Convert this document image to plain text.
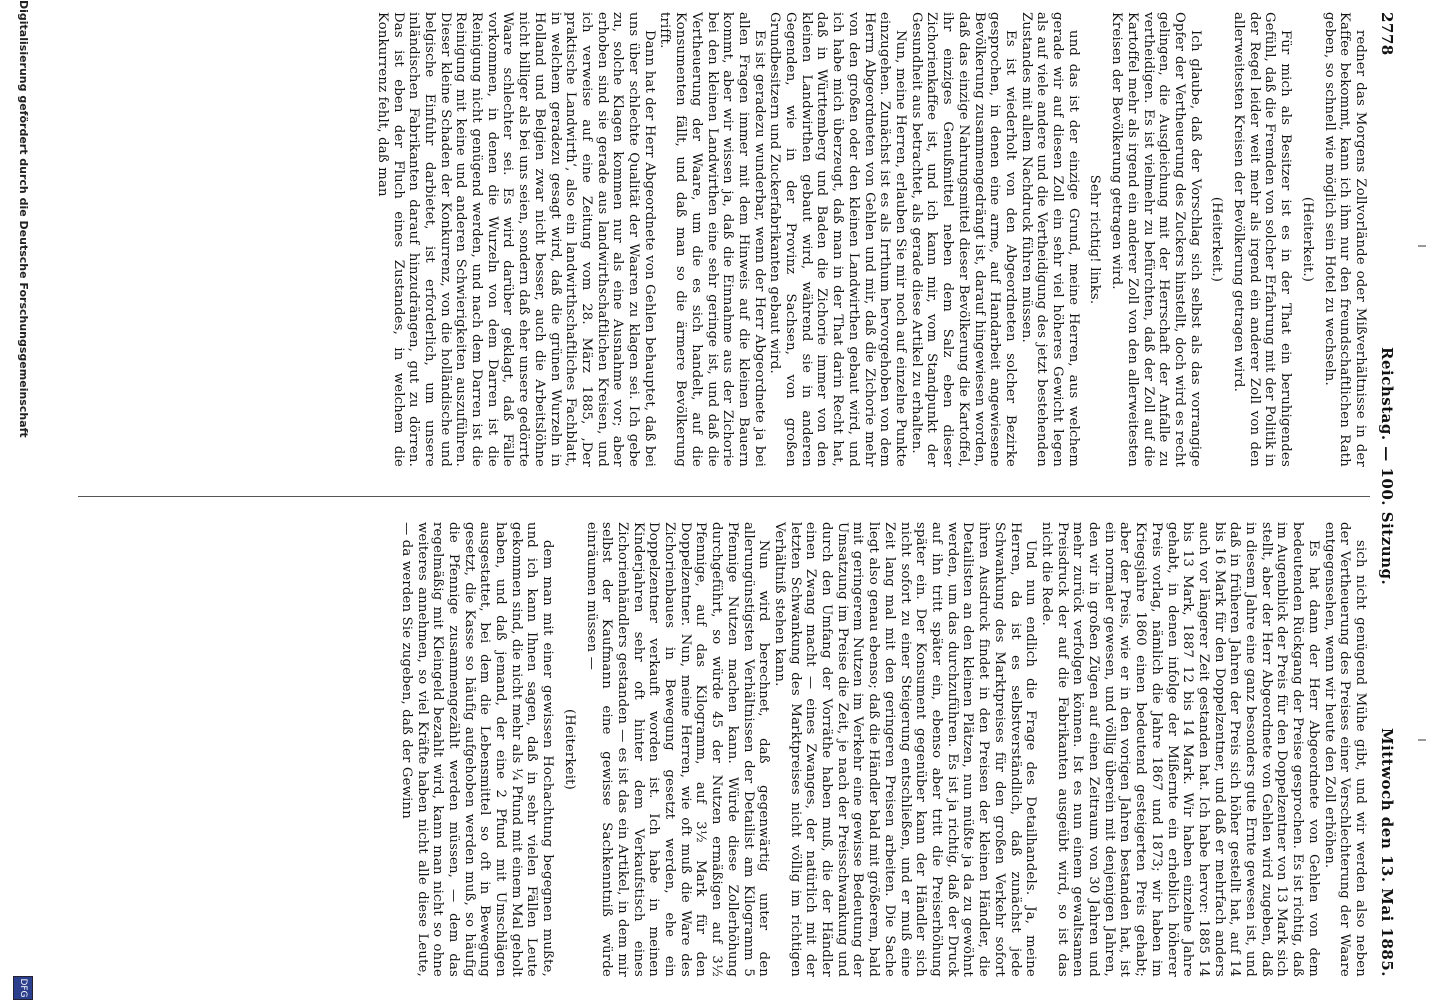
2778
Reichstag. — 100. Sitzung.
Mittwoch den 13. Mai 1885.

redner das Morgens Zollvorlände oder Mißverhältnisse in der Kaffee bekommt, kann ich ihm nur den freundschaftlichen Rath geben, so schnell wie möglich sein Hotel zu wechseln.

(Heiterkeit.)

Für mich als Besitzer ist es in der That ein beruhigendes Gefühl, daß die Fremden von solcher Erfahrung mit der Politik in der Regel leider weit mehr als irgend ein anderer Zoll von den allerweitesten Kreisen der Bevölkerung getragen wird.

(Heiterkeit.)

Ich glaube, daß der Vorschlag sich selbst als das vorrangige Opfer der Vertheuerung des Zuckers hinstellt, doch wird es recht gelingen, die Ausgleichung mit der Herrschaft der Anfalle zu vertheidigen. Es ist vielmehr zu befürchten, daß der Zoll auf die Kartoffel mehr als irgend ein anderer Zoll von den allerweitesten Kreisen der Bevölkerung getragen wird.

Sehr richtig! links.

und das ist der einzige Grund, meine Herren, aus welchem gerade wir auf diesen Zoll ein sehr viel höheres Gewicht legen als auf viele andere und die Vertheidigung des jetzt bestehenden Zustandes mit allem Nachdruck führen müssen.

Es ist wiederholt von den Abgeordneten solcher Bezirke gesprochen, in denen eine arme, auf Handarbeit angewiesene Bevölkerung zusammengedrängt ist, darauf hingewiesen worden, daß das einzige Nahrungsmittel dieser Bevölkerung die Kartoffel, ihr einziges Genußmittel neben dem Salz eben dieser Zichorienkaffee ist, und ich kann mir, vom Standpunkt der Gesundheit aus betrachtet, als gerade diese Artikel zu erhalten.

Nun, meine Herren, erlauben Sie mir noch auf einzelne Punkte einzugehen. Zunächst ist es als Irrthum hervorgehoben von dem Herrn Abgeordneten von Gehlen und mir, daß die Zichorie mehr von den großen oder den kleinen Landwirthen gebaut wird, und ich habe mich überzeugt, daß man in der That darin Recht hat, daß in Württemberg und Baden die Zichorie immer von den kleinen Landwirthen gebaut wird, während sie in anderen Gegenden, wie in der Provinz Sachsen, von großen Grundbesitzern und Zuckerfabrikanten gebaut wird.

Es ist geradezu wunderbar, wenn der Herr Abgeordnete ja bei allen Fragen immer mit dem Hinweis auf die kleinen Bauern kommt, aber wir wissen ja, daß die Einnahme aus der Zichorie bei den kleinen Landwirthen eine sehr geringe ist, und daß die Vertheuerung der Waare, um die es sich handelt, auf die Konsumenten fällt, und daß man so die ärmere Bevölkerung trifft.

Dann hat der Herr Abgeordnete von Gehlen behauptet, daß bei uns über schlechte Qualität der Waaren zu klagen sei. Ich gebe zu, solche Klagen kommen nur als eine Ausnahme vor; aber erhoben sind sie gerade aus landwirthschaftlichen Kreisen, und ich verweise auf eine Zeitung vom 28. März 1885, ‚Der praktische Landwirth‘, also ein landwirthschaftliches Fachblatt, in welchem geradezu gesagt wird, daß die grünen Wurzeln in Holland und Belgien zwar nicht besser, auch die Arbeitslöhne nicht billiger als bei uns seien, sondern daß eher unsere gedörrte Waare schlechter sei. Es wird darüber geklagt, daß Fälle vorkommen, in denen die Wurzeln von dem Darren ist die Reinigung nicht genügend werden, und nach dem Darren ist die Reinigung mit keine und anderen Schwierigkeiten auszuführen. Dieser kleine Schaden der Konkurrenz, von die holländische und belgische Einfuhr darbietet, ist erforderlich, um unsere inländischen Fabrikanten darauf hinzudrängen, gut zu dörren. Das ist eben der Fluch eines Zustandes, in welchem die Konkurrenz fehlt, daß man

sich nicht genügend Mühe gibt, und wir werden also neben der Vertheuerung des Preises einer Verschlechterung der Waare entgegensehen, wenn wir heute den Zoll erhöhen.

Es hat dann der Herr Abgeordnete von Gehlen von dem bedeutenden Rückgang der Preise gesprochen. Es ist richtig, daß im Augenblick der Preis für den Doppelzentner von 13 Mark sich stellt, aber der Herr Abgeordnete von Gehlen wird zugeben, daß in diesem Jahre eine ganz besonders gute Ernte gewesen ist, und daß in früheren Jahren der Preis sich höher gestellt hat, auf 14 bis 16 Mark für den Doppelzentner, und daß er mehrfach anders auch vor längerer Zeit gestanden hat. Ich habe hervor: 1885 14 bis 13 Mark, 1887 12 bis 14 Mark. Wir haben einzelne Jahre gehabt, in denen infolge der Mißernte ein erheblich höherer Preis vorlag, nämlich die Jahre 1867 und 1873; wir haben im Kriegsjahre 1860 einen bedeutend gesteigerten Preis gehabt; aber der Preis, wie er in den vorigen Jahren bestanden hat, ist ein normaler gewesen, und völlig überein mit denjenigen Jahren, den wir in großen Zügen auf einen Zeitraum von 30 Jahren und mehr zurück verfolgen können. Ist es nun einem gewaltsamen Preisdruck der auf die Fabrikanten ausgeübt wird, so ist das nicht die Rede.

Und nun endlich die Frage des Detailhandels. Ja, meine Herren, da ist es selbstverständlich, daß zunächst jede Schwankung des Marktpreises für den großen Verkehr sofort ihren Ausdruck findet in den Preisen der kleinen Händler, die Detailisten an den kleinen Plätzen, nun müßte ja da zu gewöhnt werden, um das durchzuführen. Es ist ja richtig, daß der Druck auf ihn tritt später ein, ebenso aber tritt die Preiserhöhung später ein. Der Konsument gegenüber kann der Händler sich nicht sofort zu einer Steigerung entschließen, und er muß eine Zeit lang mal mit den geringeren Preisen arbeiten. Die Sache liegt also genau ebenso; daß die Händler bald mit größerem, bald mit geringerem Nutzen im Verkehr eine gewisse Bedeutung der Umsatzung im Preise die Zeit, je nach der Preisschwankung und durch den Umfang der Vorräthe haben muß, die der Händler einen Zwang macht — eines Zwanges, der natürlich mit der letzten Schwankung des Marktpreises nicht völlig im richtigen Verhältniß stehen kann.

Nun wird berechnet, daß gegenwärtig unter den allerungünstigsten Verhältnissen der Detailist am Kilogramm 5 Pfennige Nutzen machen kann. Würde diese Zollerhöhung durchgeführt, so würde 45 der Nutzen ermäßigen auf 3½ Pfennige, auf das Kilogramm, auf 3½ Mark für den Doppelzentner. Nun, meine Herren, wie oft muß die Ware des Zichorienbaues in Bewegung gesetzt werden, ehe ein Doppelzentner verkauft worden ist. Ich habe in meinen Kinderjahren sehr oft hinter dem Verkaufstisch eines Zichorienhändlers gestanden — es ist das ein Artikel, in dem mir selbst der Kaufmann eine gewisse Sachkenntniß würde einräumen müssen —

(Heiterkeit)

dem man mit einer gewissen Hochachtung begegnen mußte, und ich kann Ihnen sagen, daß in sehr vielen Fällen Leute gekommen sind, die nicht mehr als ¼ Pfund mit einem Mal geholt haben, und daß jemand, der eine 2 Pfund mit Umschlägen ausgestattet, bei dem die Lebensmittel so oft in Bewegung gesetzt, die Kasse so häufig aufgehoben werden muß, so häufig die Pfennige zusammengezählt werden müssen, — dem das regelmäßig mit Kleingeld bezahlt wird, kann man nicht so ohne weiteres annehmen, so viel Kräfte haben nicht alle diese Leute, — da werden Sie zugeben, daß der Gewinn

Digitalisierung gefördert durch die Deutsche Forschungsgemeinschaft
DFG
